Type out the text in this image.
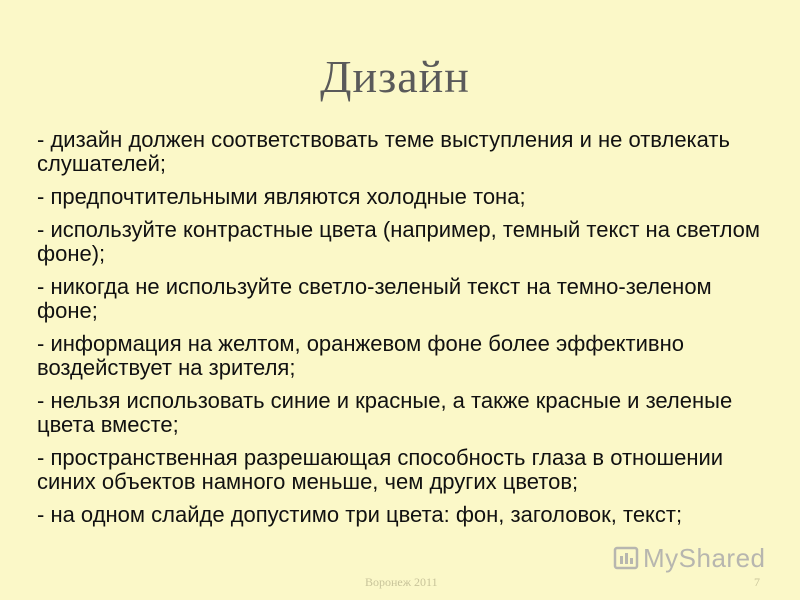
Дизайн
- дизайн должен соответствовать теме выступления и не отвлекать слушателей;
- предпочтительными являются холодные тона;
- используйте контрастные цвета (например, темный текст на светлом фоне);
- никогда не используйте светло-зеленый текст на темно-зеленом фоне;
- информация на желтом, оранжевом фоне более эффективно воздействует на зрителя;
- нельзя использовать синие и красные, а также красные и зеленые цвета вместе;
- пространственная разрешающая способность глаза в отношении синих объектов намного меньше, чем других цветов;
- на одном слайде допустимо три цвета: фон, заголовок, текст;
Воронеж 2011	7
MyShared
